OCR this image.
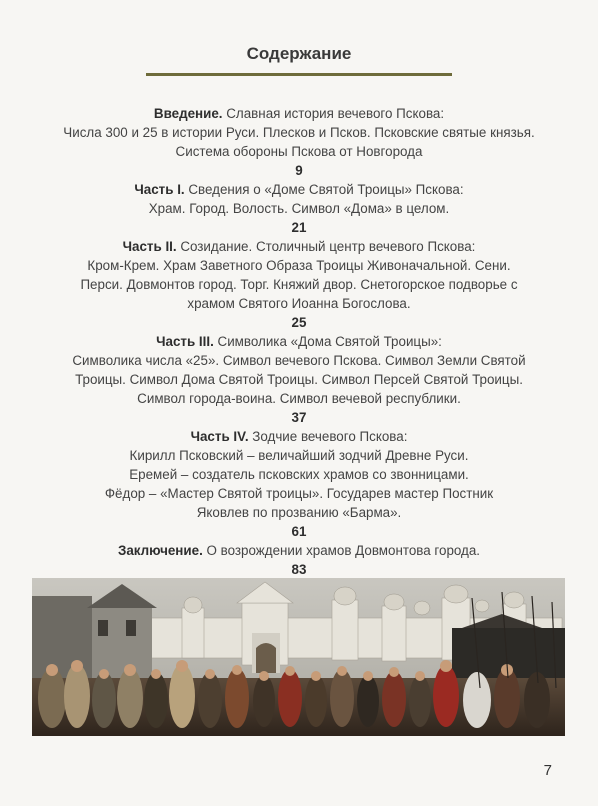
Содержание

Введение. Славная история вечевого Пскова:

Числа 300 и 25 в истории Руси. Плесков и Псков. Псковские святые князья.

Система обороны Пскова от Новгорода

9

Часть I. Сведения о «Доме Святой Троицы» Пскова:

Храм. Город. Волость. Символ «Дома» в целом.

21

Часть II. Созидание. Столичный центр вечевого Пскова:

Кром-Крем. Храм Заветного Образа Троицы Живоначальной. Сени.

Перси. Довмонтов город. Торг. Княжий двор. Снетогорское подворье с

храмом Святого Иоанна Богослова.

25

Часть III. Символика «Дома Святой Троицы»:

Символика числа «25». Символ вечевого Пскова. Символ Земли Святой

Троицы. Символ Дома Святой Троицы. Символ Персей Святой Троицы.

Символ города-воина. Символ вечевой республики.

37

Часть IV. Зодчие вечевого Пскова:

Кирилл Псковский – величайший зодчий Древне Руси.

Еремей – создатель псковских храмов со звонницами.

Фёдор – «Мастер Святой троицы». Государев мастер Постник

Яковлев по прозванию «Барма».

61

Заключение. О возрождении храмов Довмонтова города.

83

7
